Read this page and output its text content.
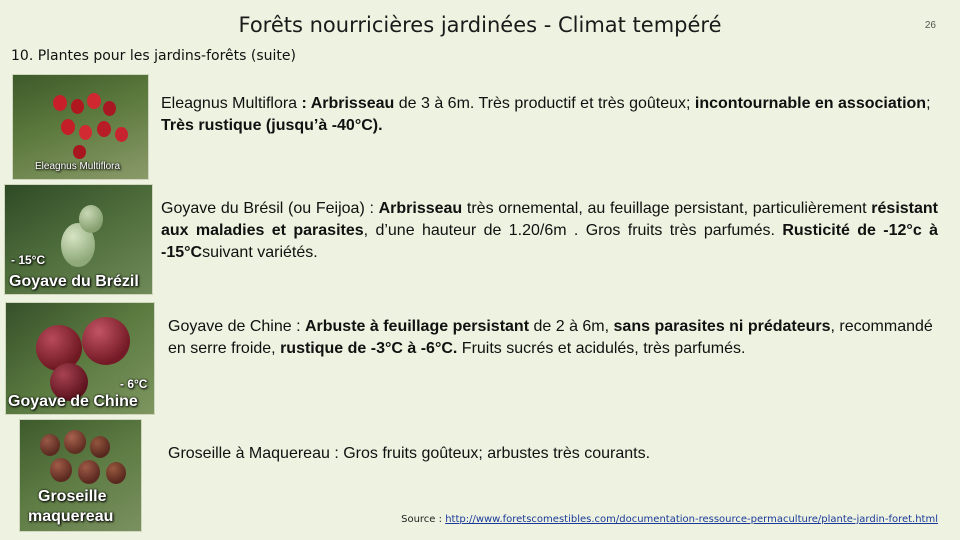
Forêts nourricières jardinées - Climat tempéré	26
10. Plantes pour les jardins-forêts (suite)
Eleagnus Multiflora
Eleagnus Multiflora : Arbrisseau de 3 à 6m. Très productif et très goûteux; incontournable en association; Très rustique (jusqu’à -40°C).
- 15°C
Goyave du Brézil
Goyave du Brésil (ou Feijoa) : Arbrisseau très ornemental, au feuillage persistant, particulièrement résistant aux maladies et parasites, d’une hauteur de 1.20/6m . Gros fruits très parfumés. Rusticité de -12°c à -15°Csuivant variétés.
- 6°C
Goyave de Chine
Goyave de Chine : Arbuste à feuillage persistant de 2 à 6m, sans parasites ni prédateurs, recommandé en serre froide, rustique de -3°C à -6°C. Fruits sucrés et acidulés, très parfumés.
Groseille
maquereau
Groseille à Maquereau : Gros fruits goûteux; arbustes très courants.
Source : http://www.foretscomestibles.com/documentation-ressource-permaculture/plante-jardin-foret.html
